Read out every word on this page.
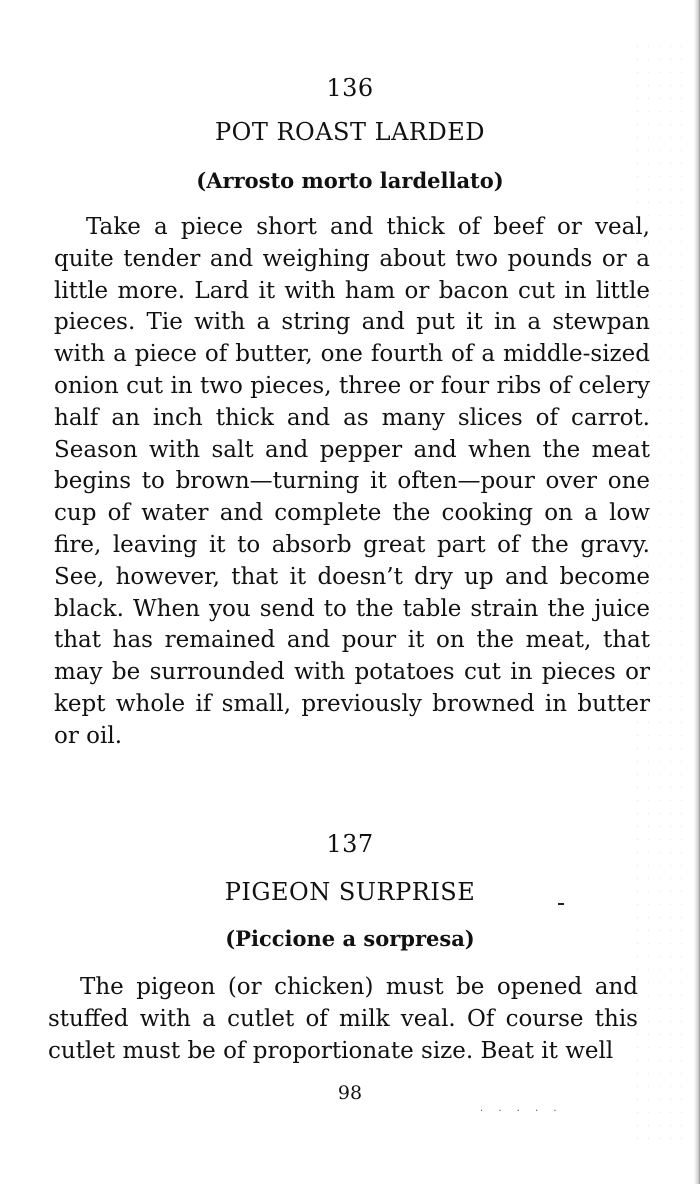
136
POT ROAST LARDED
(Arrosto morto lardellato)

Take a piece short and thick of beef or veal, quite tender and weighing about two pounds or a little more. Lard it with ham or bacon cut in little pieces. Tie with a string and put it in a stewpan with a piece of butter, one fourth of a middle-sized onion cut in two pieces, three or four ribs of celery half an inch thick and as many slices of carrot. Season with salt and pepper and when the meat begins to brown—turning it often—pour over one cup of water and complete the cooking on a low fire, leaving it to absorb great part of the gravy. See, however, that it doesn’t dry up and become black. When you send to the table strain the juice that has remained and pour it on the meat, that may be surrounded with potatoes cut in pieces or kept whole if small, previously browned in butter or oil.

137
PIGEON SURPRISE
(Piccione a sorpresa)

The pigeon (or chicken) must be opened and stuffed with a cutlet of milk veal. Of course this cutlet must be of proportionate size. Beat it well

98
· · · · ·
